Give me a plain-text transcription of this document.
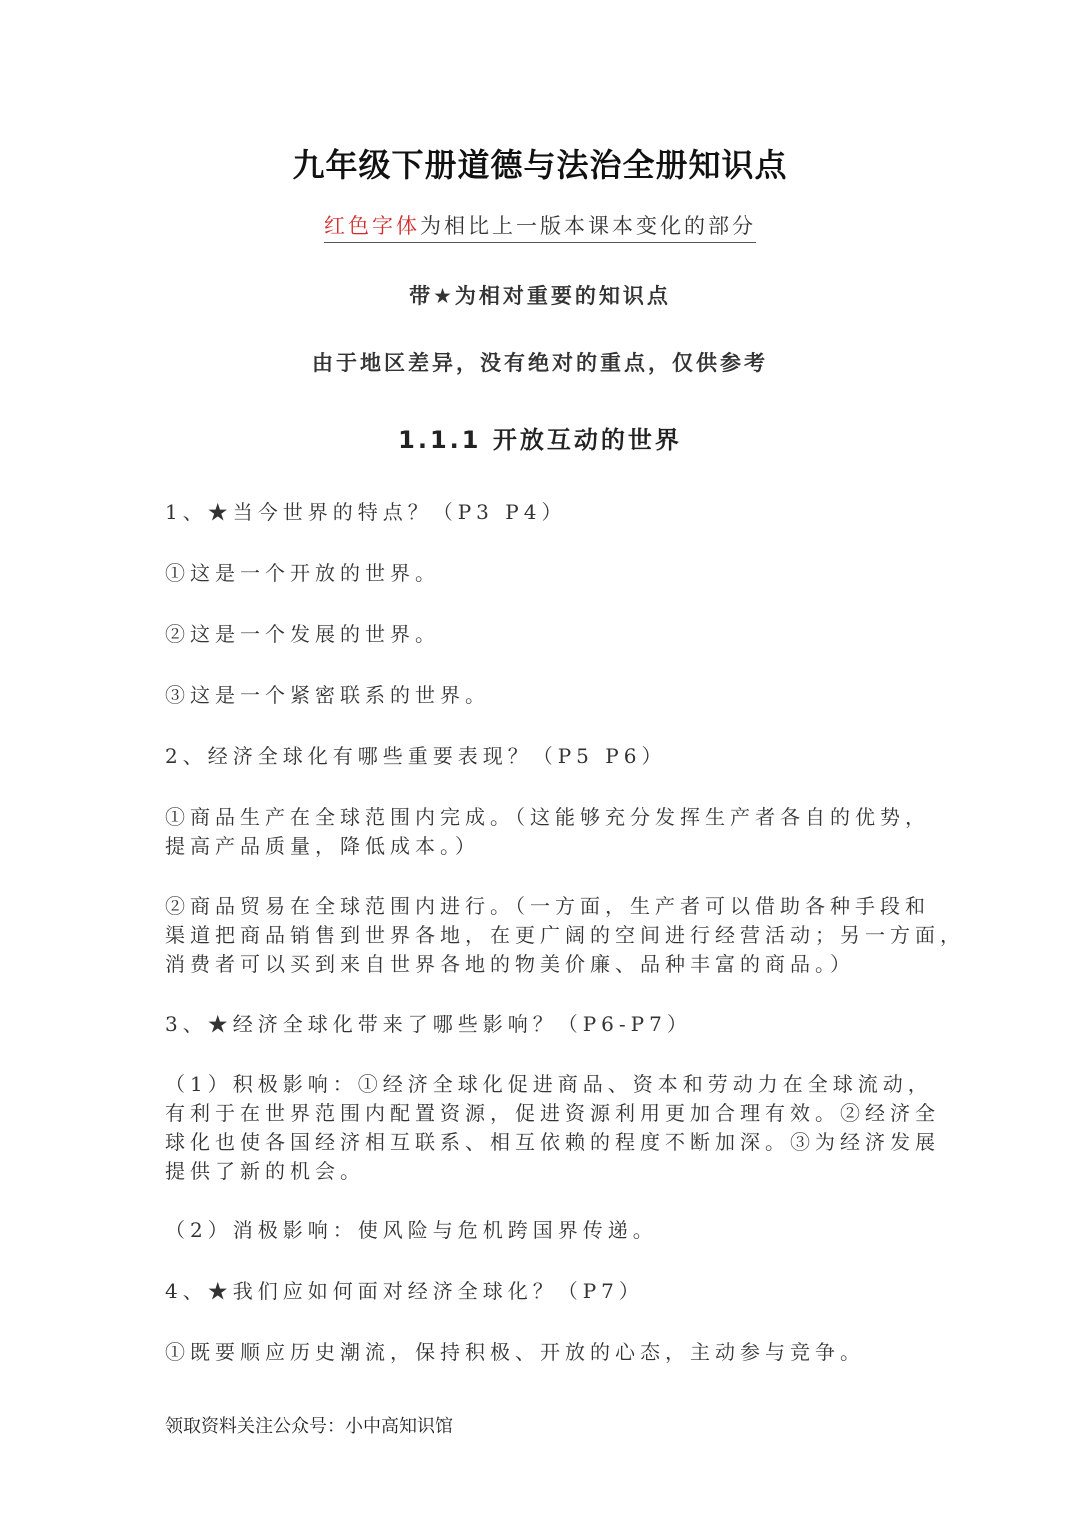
九年级下册道德与法治全册知识点
红色字体为相比上一版本课本变化的部分
带★为相对重要的知识点
由于地区差异，没有绝对的重点，仅供参考
1.1.1 开放互动的世界
1、★当今世界的特点？（P3 P4）
①这是一个开放的世界。
②这是一个发展的世界。
③这是一个紧密联系的世界。
2、经济全球化有哪些重要表现？（P5 P6）
①商品生产在全球范围内完成。（这能够充分发挥生产者各自的优势，
提高产品质量，降低成本。）
②商品贸易在全球范围内进行。（一方面，生产者可以借助各种手段和
渠道把商品销售到世界各地，在更广阔的空间进行经营活动；另一方面，
消费者可以买到来自世界各地的物美价廉、品种丰富的商品。）
3、★经济全球化带来了哪些影响？（P6-P7）
（1）积极影响：①经济全球化促进商品、资本和劳动力在全球流动，
有利于在世界范围内配置资源，促进资源利用更加合理有效。②经济全
球化也使各国经济相互联系、相互依赖的程度不断加深。③为经济发展
提供了新的机会。
（2）消极影响：使风险与危机跨国界传递。
4、★我们应如何面对经济全球化？（P7）
①既要顺应历史潮流，保持积极、开放的心态，主动参与竞争。
领取资料关注公众号：小中高知识馆
